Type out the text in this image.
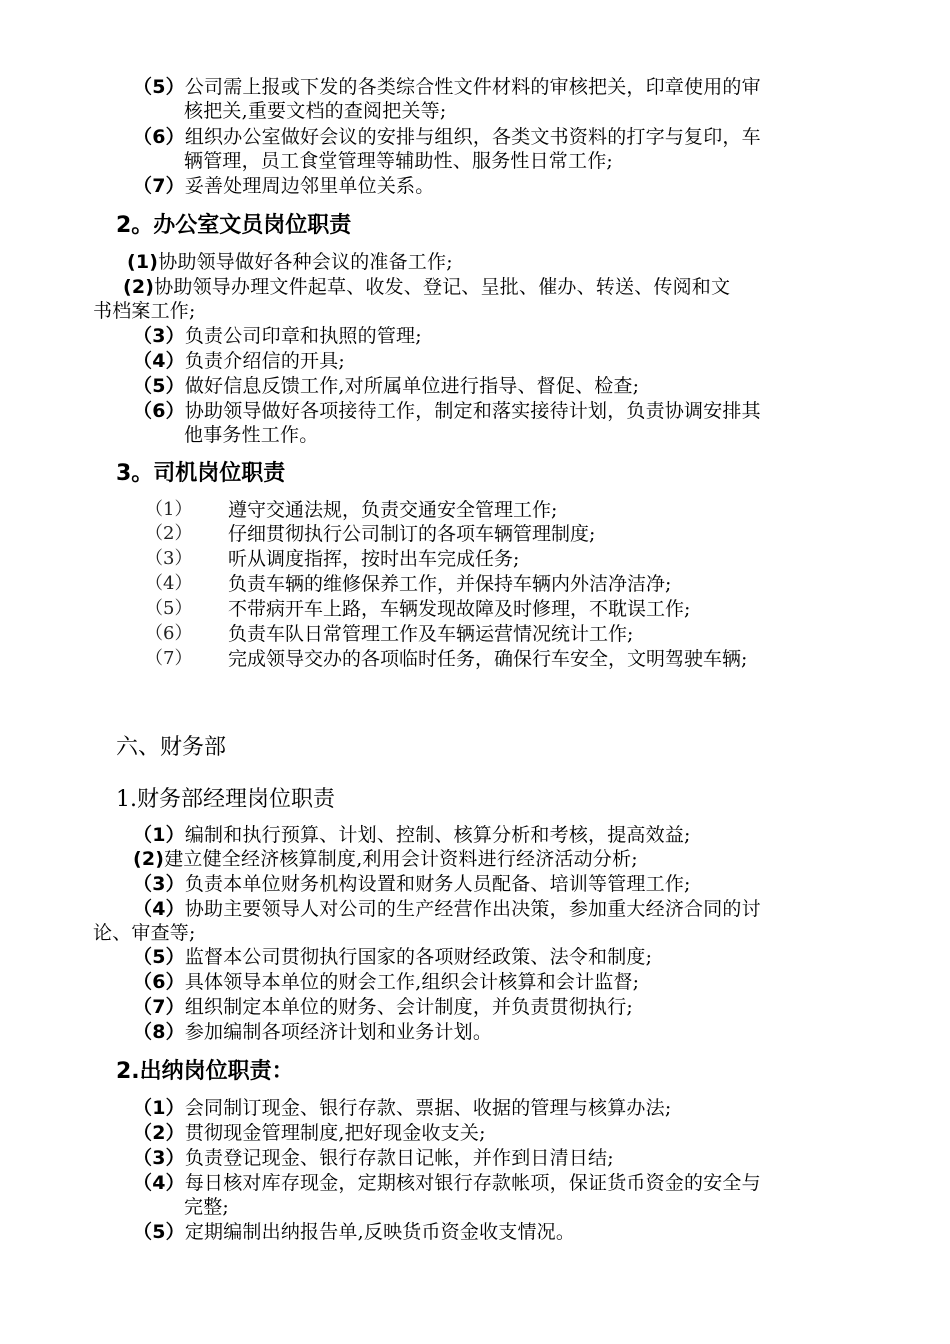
（5）公司需上报或下发的各类综合性文件材料的审核把关，印章使用的审
核把关,重要文档的查阅把关等;
（6）组织办公室做好会议的安排与组织，各类文书资料的打字与复印，车
辆管理，员工食堂管理等辅助性、服务性日常工作;
（7）妥善处理周边邻里单位关系。
2。办公室文员岗位职责
(1)协助领导做好各种会议的准备工作;
(2)协助领导办理文件起草、收发、登记、呈批、催办、转送、传阅和文
书档案工作;
（3）负责公司印章和执照的管理;
（4）负责介绍信的开具;
（5）做好信息反馈工作,对所属单位进行指导、督促、检查;
（6）协助领导做好各项接待工作，制定和落实接待计划，负责协调安排其
他事务性工作。
3。司机岗位职责
（1） 遵守交通法规，负责交通安全管理工作;
（2） 仔细贯彻执行公司制订的各项车辆管理制度;
（3） 听从调度指挥，按时出车完成任务;
（4） 负责车辆的维修保养工作，并保持车辆内外洁净洁净;
（5） 不带病开车上路，车辆发现故障及时修理，不耽误工作;
（6） 负责车队日常管理工作及车辆运营情况统计工作;
（7） 完成领导交办的各项临时任务，确保行车安全，文明驾驶车辆;
六、财务部
1.财务部经理岗位职责
（1）编制和执行预算、计划、控制、核算分析和考核，提高效益;
(2)建立健全经济核算制度,利用会计资料进行经济活动分析;
（3）负责本单位财务机构设置和财务人员配备、培训等管理工作;
（4）协助主要领导人对公司的生产经营作出决策，参加重大经济合同的讨
论、审查等;
（5）监督本公司贯彻执行国家的各项财经政策、法令和制度;
（6）具体领导本单位的财会工作,组织会计核算和会计监督;
（7）组织制定本单位的财务、会计制度，并负责贯彻执行;
（8）参加编制各项经济计划和业务计划。
2.出纳岗位职责：
（1）会同制订现金、银行存款、票据、收据的管理与核算办法;
（2）贯彻现金管理制度,把好现金收支关;
（3）负责登记现金、银行存款日记帐，并作到日清日结;
（4）每日核对库存现金，定期核对银行存款帐项，保证货币资金的安全与
完整;
（5）定期编制出纳报告单,反映货币资金收支情况。
